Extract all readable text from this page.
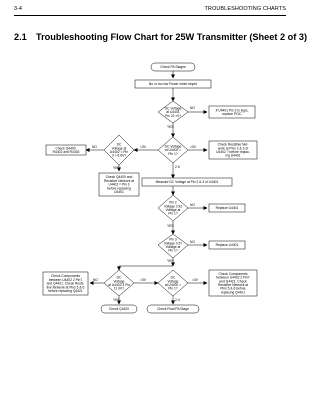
3-4	TROUBLESHOOTING CHARTS
2.1 Troubleshooting Flow Chart for 25W Transmitter (Sheet 2 of 3)
NO
YES
<3V	>3V
NO
YES	2-5
NO
YES
NO
YES
NO	>3V
YES
>3V
2-4
Check PA Stages
No or too low Power when keyed
DC Voltage at U4401 Pin 22 >0?
If U4401 Pin 2 is logic, replace PCIC
DC Voltage at U4402 = Pin 3 > 6.6V?
DC Voltage at U4402 = Pin 1?
Check Q4400, R4402 and R4403
Check Resistive Net-work at Pins 2 & 3 of U4402 ? before replac-ing U4401
Check Q4400 and Resistive Network at U4402 = Pin 3 before replacing U4401
Measure DC Voltage at Pin 2 & 3 of U4401
Pin 2 Voltage 0.92 Voltage at Pin 1?
Replace U4401
Pin 3 Voltage 0.5? Voltage at Pin 1?
Replace U4401
DC Voltage at U4402 3 Pin 11 0V?
DC Voltage at U4402 = Pin 1?
Check Components between U4402 2 Pin7 and Q4421. Check Resis-tive Network at Pins 5 & 6 before replacing Q4421
Check Components between U4402 2 Pin7 and Q4421. Check Resistive Network at Pins 5 & 6 before replacing Q4421
Check Q4420	Check Final PA Stage
